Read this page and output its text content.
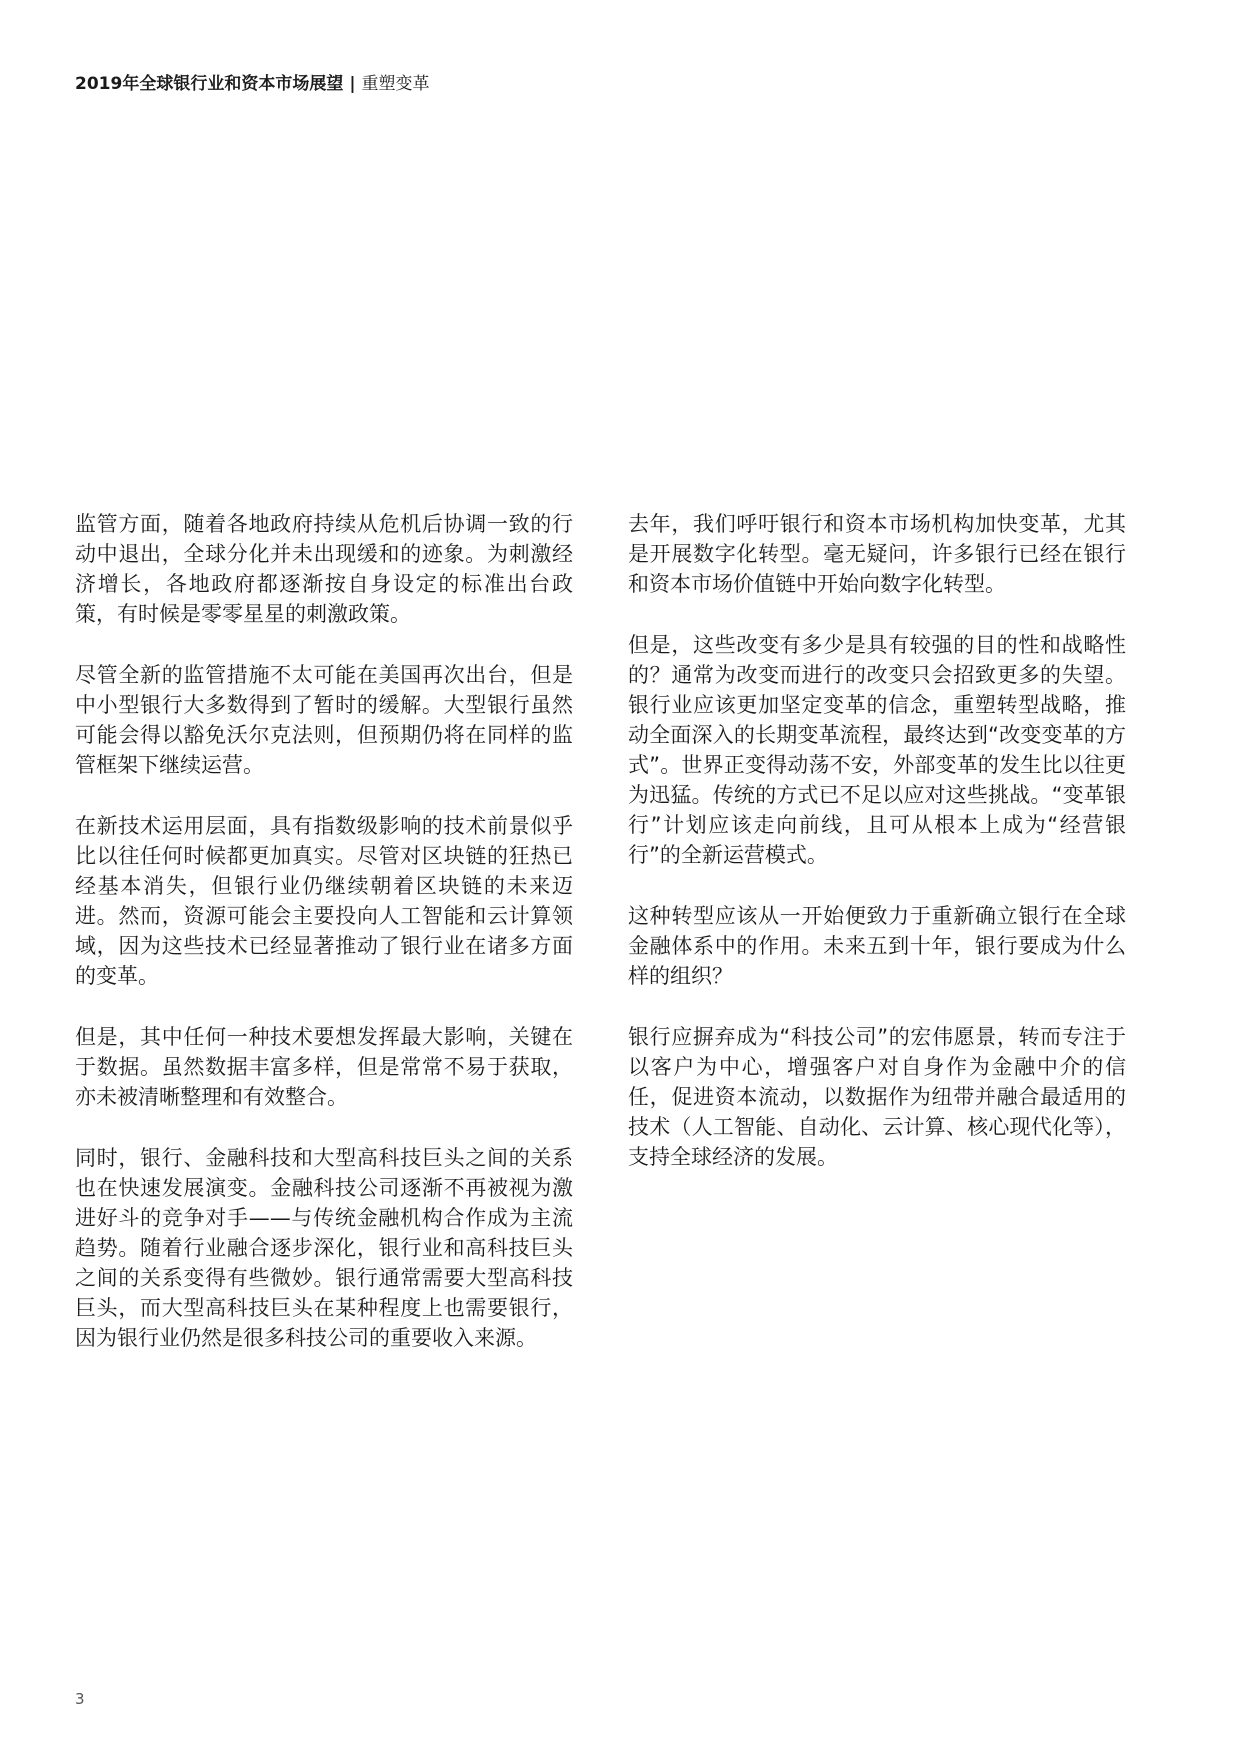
2019年全球银行业和资本市场展望 | 重塑变革

监管方面，随着各地政府持续从危机后协调一致的行动中退出，全球分化并未出现缓和的迹象。为刺激经济增长，各地政府都逐渐按自身设定的标准出台政策，有时候是零零星星的刺激政策。

尽管全新的监管措施不太可能在美国再次出台，但是中小型银行大多数得到了暂时的缓解。大型银行虽然可能会得以豁免沃尔克法则，但预期仍将在同样的监管框架下继续运营。

在新技术运用层面，具有指数级影响的技术前景似乎比以往任何时候都更加真实。尽管对区块链的狂热已经基本消失，但银行业仍继续朝着区块链的未来迈进。然而，资源可能会主要投向人工智能和云计算领域，因为这些技术已经显著推动了银行业在诸多方面的变革。

但是，其中任何一种技术要想发挥最大影响，关键在于数据。虽然数据丰富多样，但是常常不易于获取，亦未被清晰整理和有效整合。

同时，银行、金融科技和大型高科技巨头之间的关系也在快速发展演变。金融科技公司逐渐不再被视为激进好斗的竞争对手——与传统金融机构合作成为主流趋势。随着行业融合逐步深化，银行业和高科技巨头之间的关系变得有些微妙。银行通常需要大型高科技巨头，而大型高科技巨头在某种程度上也需要银行，因为银行业仍然是很多科技公司的重要收入来源。

去年，我们呼吁银行和资本市场机构加快变革，尤其是开展数字化转型。毫无疑问，许多银行已经在银行和资本市场价值链中开始向数字化转型。

但是，这些改变有多少是具有较强的目的性和战略性的？通常为改变而进行的改变只会招致更多的失望。银行业应该更加坚定变革的信念，重塑转型战略，推动全面深入的长期变革流程，最终达到“改变变革的方式”。世界正变得动荡不安，外部变革的发生比以往更为迅猛。传统的方式已不足以应对这些挑战。“变革银行”计划应该走向前线，且可从根本上成为“经营银行”的全新运营模式。

这种转型应该从一开始便致力于重新确立银行在全球金融体系中的作用。未来五到十年，银行要成为什么样的组织？

银行应摒弃成为“科技公司”的宏伟愿景，转而专注于以客户为中心，增强客户对自身作为金融中介的信任，促进资本流动，以数据作为纽带并融合最适用的技术（人工智能、自动化、云计算、核心现代化等），支持全球经济的发展。

3
